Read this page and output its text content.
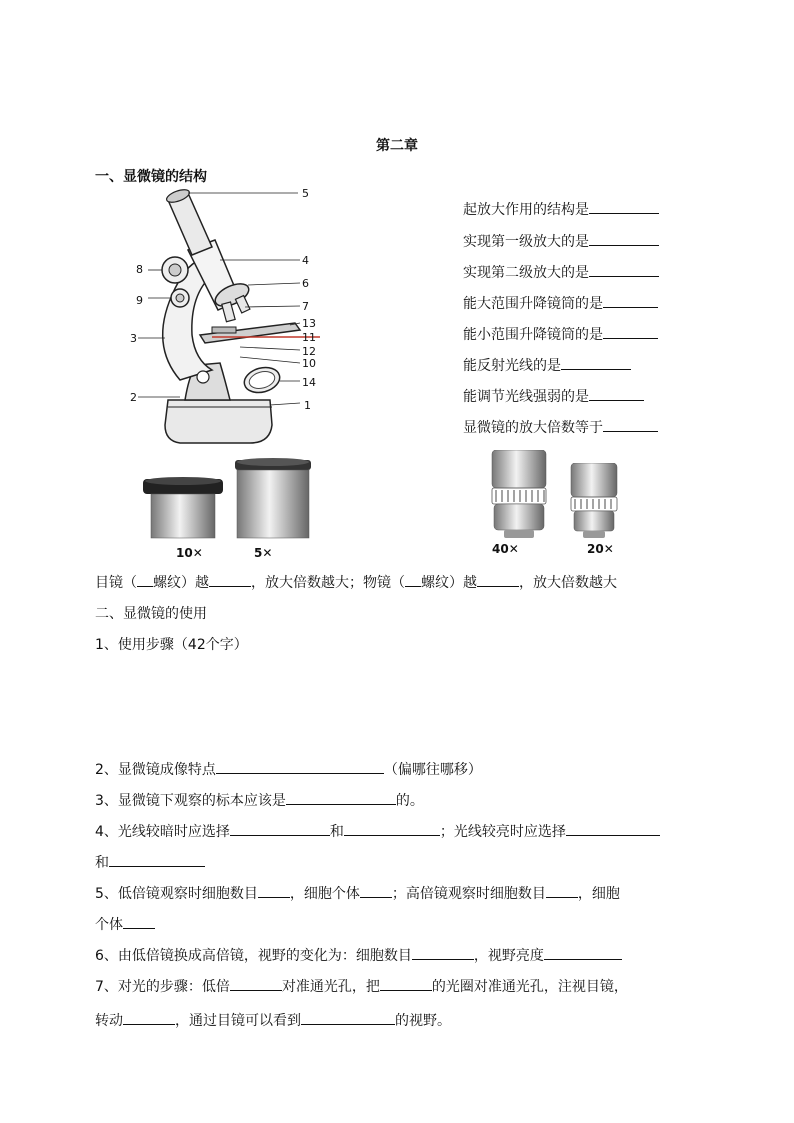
第二章
一、显微镜的结构
5
4
6
7
13
11
12
10
14
1
8
9
3
2
起放大作用的结构是
实现第一级放大的是
实现第二级放大的是
能大范围升降镜筒的是
能小范围升降镜筒的是
能反射光线的是
能调节光线强弱的是
显微镜的放大倍数等于
10✕	5✕	40✕	20✕
目镜（ 螺纹）越	，放大倍数越大；物镜（ 螺纹）越	，放大倍数越大
二、显微镜的使用
1、使用步骤（42个字）
2、显微镜成像特点	（偏哪往哪移）
3、显微镜下观察的标本应该是	的。
4、光线较暗时应选择	和	；光线较亮时应选择
和
5、低倍镜观察时细胞数目 ，细胞个体 ；高倍镜观察时细胞数目 ，细胞
个体
6、由低倍镜换成高倍镜，视野的变化为：细胞数目	，视野亮度
7、对光的步骤：低倍	对准通光孔，把	的光圈对准通光孔，注视目镜，
转动	，通过目镜可以看到	的视野。
